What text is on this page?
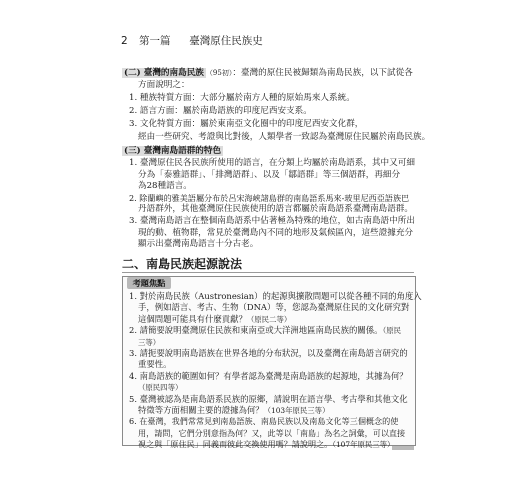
2 第一篇 臺灣原住民族史
(二) 臺灣的南島民族 （95初）：臺灣的原住民被歸類為南島民族，以下試從各
方面說明之：
1. 種族特質方面：大部分屬於南方人種的原始馬來人系統。
2. 語言方面：屬於南島語族的印度尼西安支系。
3. 文化特質方面：屬於東南亞文化圈中的印度尼西安文化群，
經由一些研究、考證與比對後，人類學者一致認為臺灣原住民屬於南島民族。
(三) 臺灣南島語群的特色
1. 臺灣原住民各民族所使用的語言，在分類上均屬於南島語系，其中又可細
分為「泰雅語群」、「排灣語群」、以及「鄒語群」等三個語群，再細分
為28種語言。
2. 除蘭嶼的雅美語屬分布於呂宋海峽諸島群的南島語系馬來-玻里尼西亞語族巴
丹語群外，其他臺灣原住民族使用的語言都屬於南島語系臺灣南島語群。
3. 臺灣南島語言在整個南島語系中佔著極為特殊的地位，如古南島語中所出
現的動、植物群，常見於臺灣島內不同的地形及氣候區內，這些證據充分
顯示出臺灣南島語言十分古老。
二、南島民族起源說法
考題焦點
1. 對於南島民族（Austronesian）的起源與擴散問題可以從各種不同的角度入
手，例如語言、考古、生物（DNA）等，您認為臺灣原住民的文化研究對
這個問題可能具有什麼貢獻？（原民二等）
2. 請簡要說明臺灣原住民族和東南亞或大洋洲地區南島民族的關係。（原民
三等）
3. 請扼要說明南島語族在世界各地的分布狀況，以及臺灣在南島語言研究的
重要性。
4. 南島語族的範圍如何？有學者認為臺灣是南島語族的起源地，其據為何？
（原民四等）
5. 臺灣被認為是南島語系民族的原鄉，請說明在語言學、考古學和其他文化
特徵等方面相關主要的證據為何？（103年原民三等）
6. 在臺灣，我們常常見到南島語族、南島民族以及南島文化等三個概念的使
用，請問，它們分別意指為何？又，此等以「南島」為名之詞彙，可以直接
視之與「原住民」同義而彼此交換使用嗎？請說明之。（107年原民三等）
